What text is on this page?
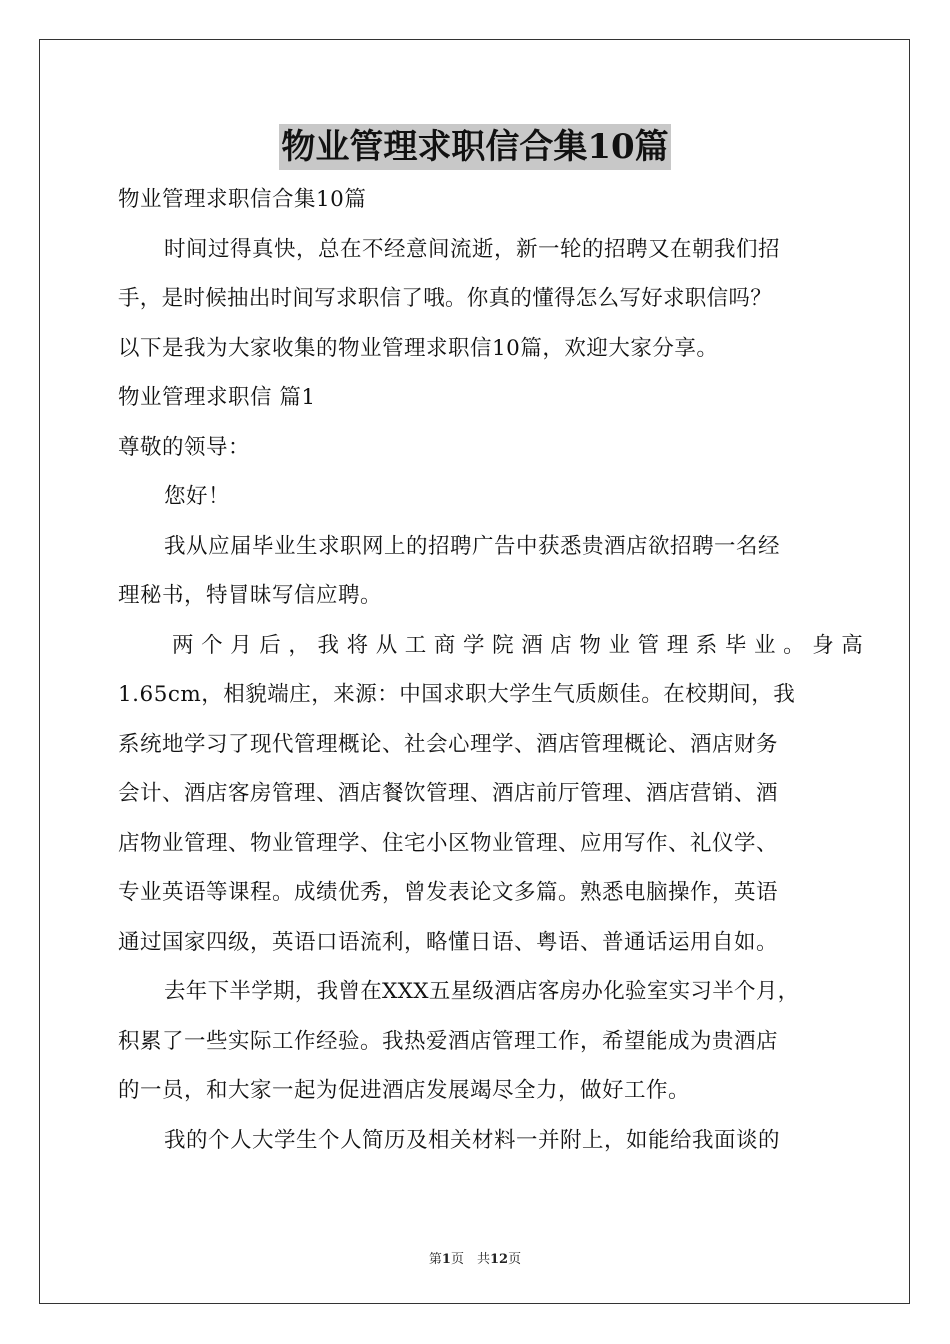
物业管理求职信合集10篇
物业管理求职信合集10篇
时间过得真快，总在不经意间流逝，新一轮的招聘又在朝我们招
手，是时候抽出时间写求职信了哦。你真的懂得怎么写好求职信吗？
以下是我为大家收集的物业管理求职信10篇，欢迎大家分享。
物业管理求职信 篇1
尊敬的领导：
您好！
我从应届毕业生求职网上的招聘广告中获悉贵酒店欲招聘一名经
理秘书，特冒昧写信应聘。
两个月后，我将从工商学院酒店物业管理系毕业。身高
1.65cm，相貌端庄，来源：中国求职大学生气质颇佳。在校期间，我
系统地学习了现代管理概论、社会心理学、酒店管理概论、酒店财务
会计、酒店客房管理、酒店餐饮管理、酒店前厅管理、酒店营销、酒
店物业管理、物业管理学、住宅小区物业管理、应用写作、礼仪学、
专业英语等课程。成绩优秀，曾发表论文多篇。熟悉电脑操作，英语
通过国家四级，英语口语流利，略懂日语、粤语、普通话运用自如。
去年下半学期，我曾在XXX五星级酒店客房办化验室实习半个月，
积累了一些实际工作经验。我热爱酒店管理工作，希望能成为贵酒店
的一员，和大家一起为促进酒店发展竭尽全力，做好工作。
我的个人大学生个人简历及相关材料一并附上，如能给我面谈的
第1页　共12页
